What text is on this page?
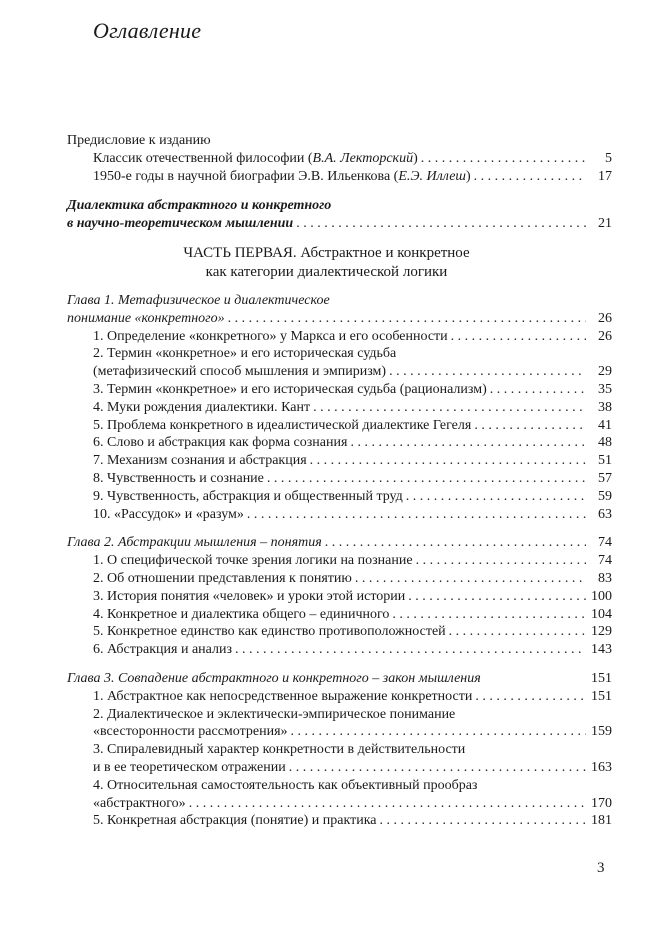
Оглавление
Предисловие к изданию
Классик отечественной философии (В.А. Лекторский) . . .	5
1950-е годы в научной биографии Э.В. Ильенкова (Е.Э. Иллеш) . . .	17
Диалектика абстрактного и конкретного
в научно-теоретическом мышлении . . .	21
ЧАСТЬ ПЕРВАЯ. Абстрактное и конкретное
как категории диалектической логики
Глава 1. Метафизическое и диалектическое
понимание «конкретного» . . .	26
1. Определение «конкретного» у Маркса и его особенности . . .	26
2. Термин «конкретное» и его историческая судьба
(метафизический способ мышления и эмпиризм) . . .	29
3. Термин «конкретное» и его историческая судьба (рационализм) . . .	35
4. Муки рождения диалектики. Кант . . .	38
5. Проблема конкретного в идеалистической диалектике Гегеля . . .	41
6. Слово и абстракция как форма сознания . . .	48
7. Механизм сознания и абстракция . . .	51
8. Чувственность и сознание . . .	57
9. Чувственность, абстракция и общественный труд . . .	59
10. «Рассудок» и «разум» . . .	63
Глава 2. Абстракции мышления – понятия . . .	74
1. О специфической точке зрения логики на познание . . .	74
2. Об отношении представления к понятию . . .	83
3. История понятия «человек» и уроки этой истории . . .	100
4. Конкретное и диалектика общего – единичного . . .	104
5. Конкретное единство как единство противоположностей . . .	129
6. Абстракция и анализ . . .	143
Глава 3. Совпадение абстрактного и конкретного – закон мышления	151
1. Абстрактное как непосредственное выражение конкретности . . .	151
2. Диалектическое и эклектически-эмпирическое понимание
«всесторонности рассмотрения» . . .	159
3. Спиралевидный характер конкретности в действительности
и в ее теоретическом отражении . . .	163
4. Относительная самостоятельность как объективный прообраз
«абстрактного» . . .	170
5. Конкретная абстракция (понятие) и практика . . .	181
3
